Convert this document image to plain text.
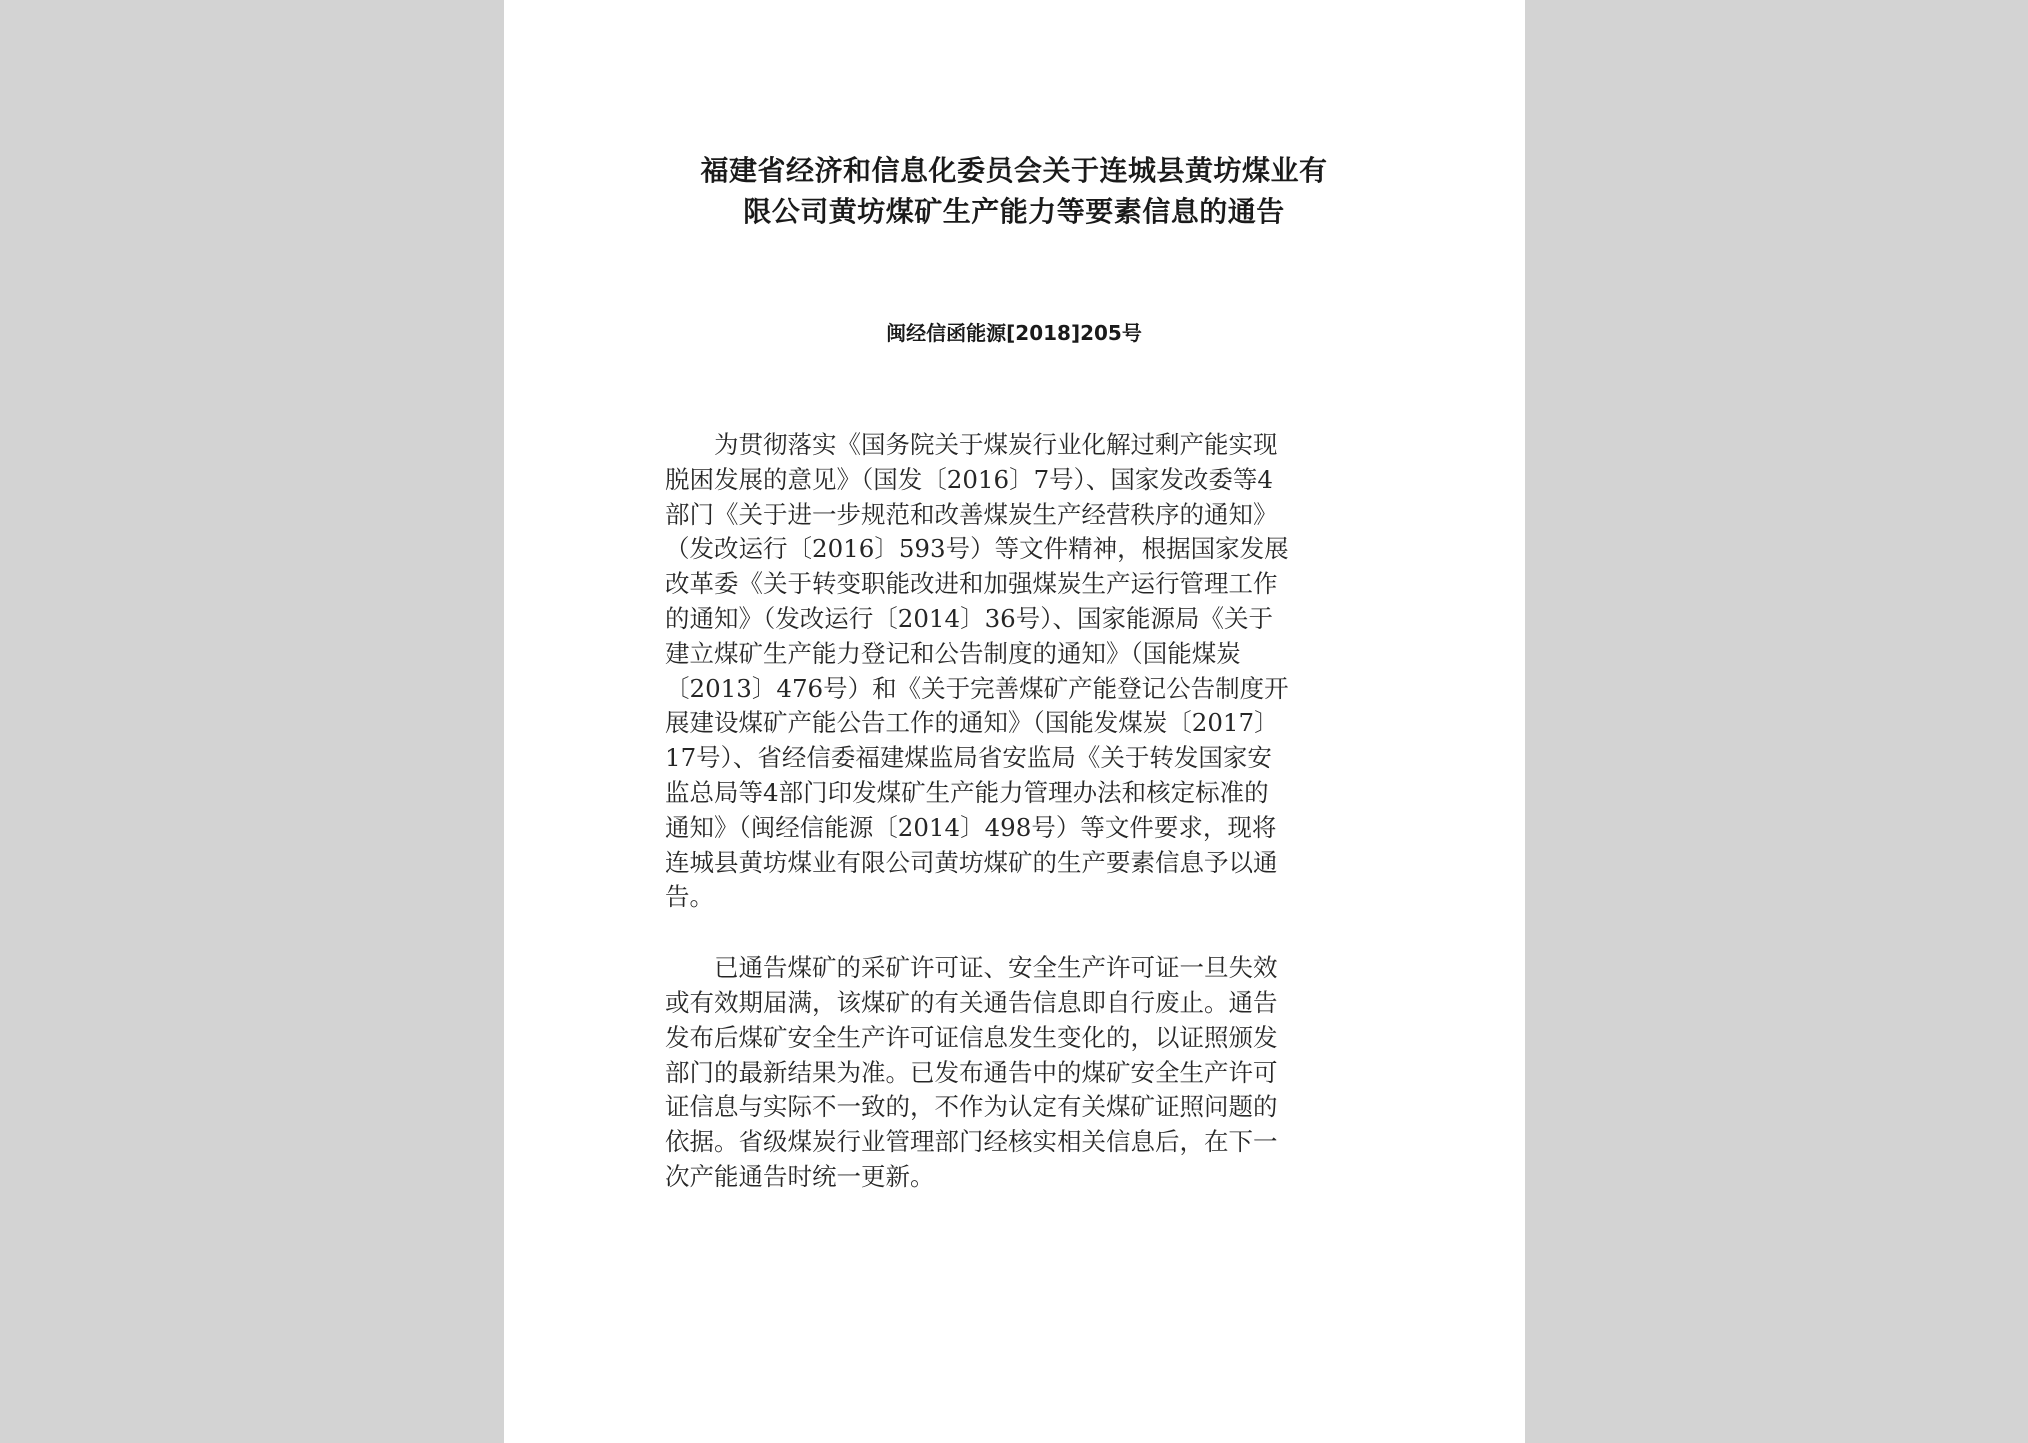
福建省经济和信息化委员会关于连城县黄坊煤业有
限公司黄坊煤矿生产能力等要素信息的通告
闽经信函能源[2018]205号

　　为贯彻落实《国务院关于煤炭行业化解过剩产能实现
脱困发展的意见》（国发〔2016〕7号）、国家发改委等4
部门《关于进一步规范和改善煤炭生产经营秩序的通知》
（发改运行〔2016〕593号）等文件精神，根据国家发展
改革委《关于转变职能改进和加强煤炭生产运行管理工作
的通知》（发改运行〔2014〕36号）、国家能源局《关于
建立煤矿生产能力登记和公告制度的通知》（国能煤炭
〔2013〕476号）和《关于完善煤矿产能登记公告制度开
展建设煤矿产能公告工作的通知》（国能发煤炭〔2017〕
17号）、省经信委福建煤监局省安监局《关于转发国家安
监总局等4部门印发煤矿生产能力管理办法和核定标准的
通知》（闽经信能源〔2014〕498号）等文件要求，现将
连城县黄坊煤业有限公司黄坊煤矿的生产要素信息予以通
告。

　　已通告煤矿的采矿许可证、安全生产许可证一旦失效
或有效期届满，该煤矿的有关通告信息即自行废止。通告
发布后煤矿安全生产许可证信息发生变化的，以证照颁发
部门的最新结果为准。已发布通告中的煤矿安全生产许可
证信息与实际不一致的，不作为认定有关煤矿证照问题的
依据。省级煤炭行业管理部门经核实相关信息后，在下一
次产能通告时统一更新。
